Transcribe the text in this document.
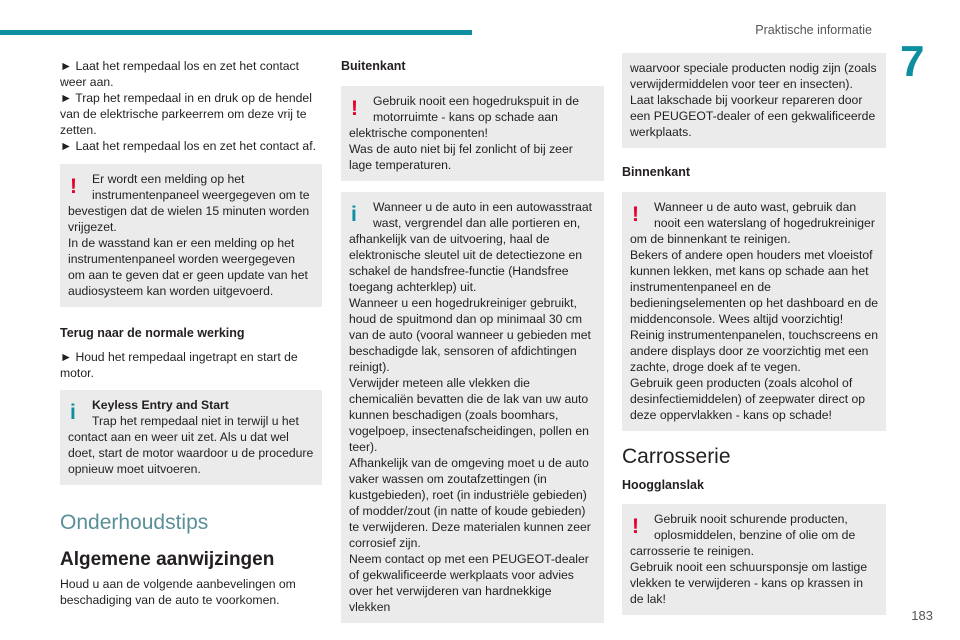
Praktische informatie
7
183

► Laat het rempedaal los en zet het contact weer aan.

► Trap het rempedaal in en druk op de hendel van de elektrische parkeerrem om deze vrij te zetten.

► Laat het rempedaal los en zet het contact af.

!	Er wordt een melding op het instrumentenpaneel weergegeven om te

bevestigen dat de wielen 15 minuten worden vrijgezet.

In de wasstand kan er een melding op het instrumentenpaneel worden weergegeven om aan te geven dat er geen update van het audiosysteem kan worden uitgevoerd.

Terug naar de normale werking

► Houd het rempedaal ingetrapt en start de motor.

i	Keyless Entry and Start

Trap het rempedaal niet in terwijl u het

contact aan en weer uit zet. Als u dat wel doet, start de motor waardoor u de procedure opnieuw moet uitvoeren.

Onderhoudstips

Algemene aanwijzingen

Houd u aan de volgende aanbevelingen om beschadiging van de auto te voorkomen.

Buitenkant

!	Gebruik nooit een hogedrukspuit in de motorruimte - kans op schade aan

elektrische componenten!

Was de auto niet bij fel zonlicht of bij zeer lage temperaturen.

i	Wanneer u de auto in een autowasstraat wast, vergrendel dan alle portieren en,

afhankelijk van de uitvoering, haal de elektronische sleutel uit de detectiezone en schakel de handsfree-functie (Handsfree toegang achterklep) uit.

Wanneer u een hogedrukreiniger gebruikt, houd de spuitmond dan op minimaal 30 cm van de auto (vooral wanneer u gebieden met beschadigde lak, sensoren of afdichtingen reinigt).

Verwijder meteen alle vlekken die chemicaliën bevatten die de lak van uw auto kunnen beschadigen (zoals boomhars, vogelpoep, insectenafscheidingen, pollen en teer).

Afhankelijk van de omgeving moet u de auto vaker wassen om zoutafzettingen (in kustgebieden), roet (in industriële gebieden) of modder/zout (in natte of koude gebieden) te verwijderen. Deze materialen kunnen zeer corrosief zijn.

Neem contact op met een PEUGEOT-dealer of gekwalificeerde werkplaats voor advies over het verwijderen van hardnekkige vlekken

waarvoor speciale producten nodig zijn (zoals verwijdermiddelen voor teer en insecten).

Laat lakschade bij voorkeur repareren door een PEUGEOT-dealer of een gekwalificeerde werkplaats.

Binnenkant

!	Wanneer u de auto wast, gebruik dan nooit een waterslang of hogedrukreiniger

om de binnenkant te reinigen.

Bekers of andere open houders met vloeistof kunnen lekken, met kans op schade aan het instrumentenpaneel en de bedieningselementen op het dashboard en de middenconsole. Wees altijd voorzichtig!

Reinig instrumentenpanelen, touchscreens en andere displays door ze voorzichtig met een zachte, droge doek af te vegen.

Gebruik geen producten (zoals alcohol of desinfectiemiddelen) of zeepwater direct op deze oppervlakken - kans op schade!

Carrosserie

Hoogglanslak

!	Gebruik nooit schurende producten, oplosmiddelen, benzine of olie om de

carrosserie te reinigen.

Gebruik nooit een schuursponsje om lastige vlekken te verwijderen - kans op krassen in de lak!
